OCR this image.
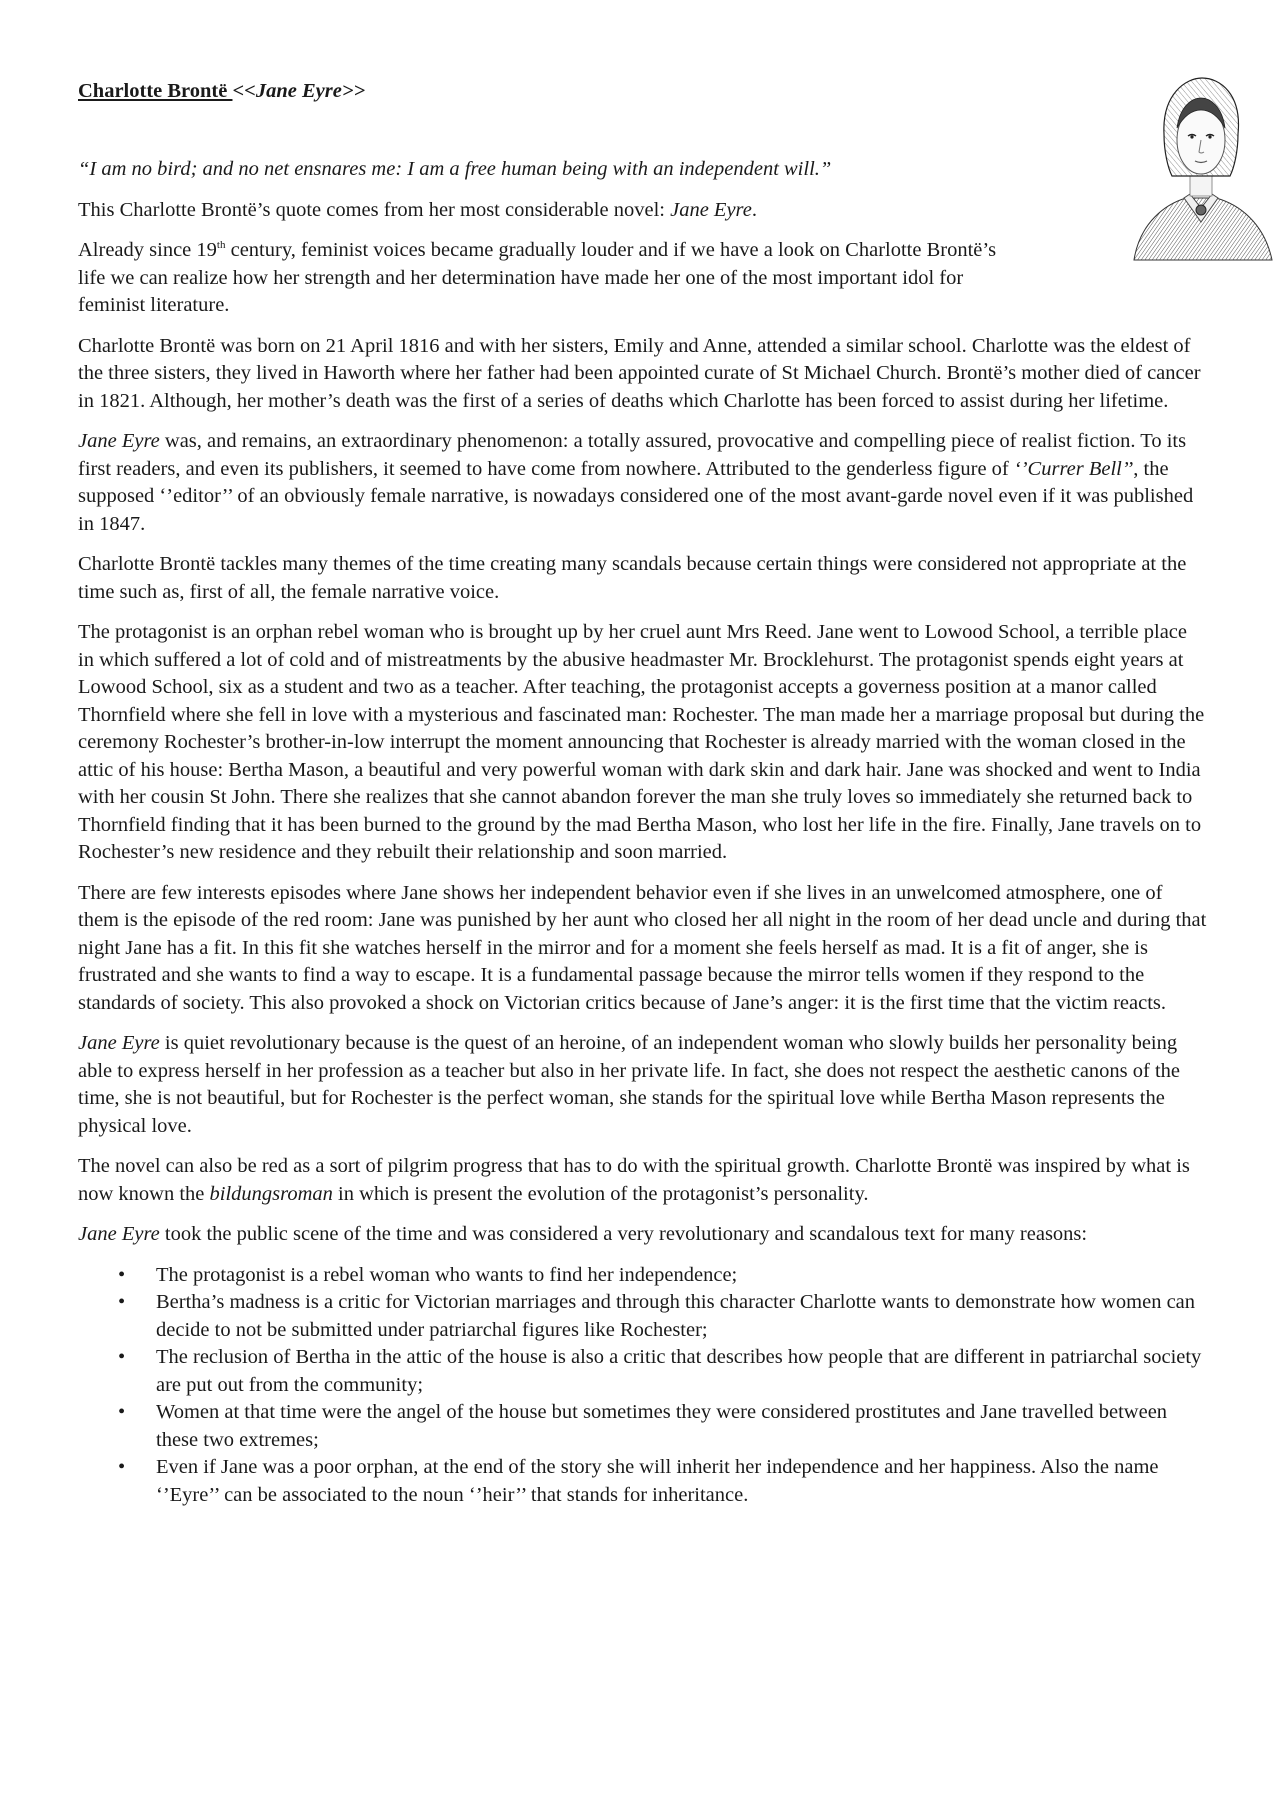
Charlotte Brontë <<Jane Eyre>>

“I am no bird; and no net ensnares me: I am a free human being with an independent will.”

This Charlotte Brontë’s quote comes from her most considerable novel: Jane Eyre.

Already since 19th century, feminist voices became gradually louder and if we have a look on Charlotte Brontë’s life we can realize how her strength and her determination have made her one of the most important idol for feminist literature.

Charlotte Brontë was born on 21 April 1816 and with her sisters, Emily and Anne, attended a similar school. Charlotte was the eldest of the three sisters, they lived in Haworth where her father had been appointed curate of St Michael Church. Brontë’s mother died of cancer in 1821. Although, her mother’s death was the first of a series of deaths which Charlotte has been forced to assist during her lifetime.

Jane Eyre was, and remains, an extraordinary phenomenon: a totally assured, provocative and compelling piece of realist fiction. To its first readers, and even its publishers, it seemed to have come from nowhere. Attributed to the genderless figure of ‘’Currer Bell’’, the supposed ‘’editor’’ of an obviously female narrative, is nowadays considered one of the most avant-garde novel even if it was published in 1847.

Charlotte Brontë tackles many themes of the time creating many scandals because certain things were considered not appropriate at the time such as, first of all, the female narrative voice.

The protagonist is an orphan rebel woman who is brought up by her cruel aunt Mrs Reed. Jane went to Lowood School, a terrible place in which suffered a lot of cold and of mistreatments by the abusive headmaster Mr. Brocklehurst. The protagonist spends eight years at Lowood School, six as a student and two as a teacher. After teaching, the protagonist accepts a governess position at a manor called Thornfield where she fell in love with a mysterious and fascinated man: Rochester. The man made her a marriage proposal but during the ceremony Rochester’s brother-in-low interrupt the moment announcing that Rochester is already married with the woman closed in the attic of his house: Bertha Mason, a beautiful and very powerful woman with dark skin and dark hair. Jane was shocked and went to India with her cousin St John. There she realizes that she cannot abandon forever the man she truly loves so immediately she returned back to Thornfield finding that it has been burned to the ground by the mad Bertha Mason, who lost her life in the fire. Finally, Jane travels on to Rochester’s new residence and they rebuilt their relationship and soon married.

There are few interests episodes where Jane shows her independent behavior even if she lives in an unwelcomed atmosphere, one of them is the episode of the red room: Jane was punished by her aunt who closed her all night in the room of her dead uncle and during that night Jane has a fit. In this fit she watches herself in the mirror and for a moment she feels herself as mad. It is a fit of anger, she is frustrated and she wants to find a way to escape. It is a fundamental passage because the mirror tells women if they respond to the standards of society. This also provoked a shock on Victorian critics because of Jane’s anger: it is the first time that the victim reacts.

Jane Eyre is quiet revolutionary because is the quest of an heroine, of an independent woman who slowly builds her personality being able to express herself in her profession as a teacher but also in her private life. In fact, she does not respect the aesthetic canons of the time, she is not beautiful, but for Rochester is the perfect woman, she stands for the spiritual love while Bertha Mason represents the physical love.

The novel can also be red as a sort of pilgrim progress that has to do with the spiritual growth. Charlotte Brontë was inspired by what is now known the bildungsroman in which is present the evolution of the protagonist’s personality.

Jane Eyre took the public scene of the time and was considered a very revolutionary and scandalous text for many reasons:

• The protagonist is a rebel woman who wants to find her independence;
• Bertha’s madness is a critic for Victorian marriages and through this character Charlotte wants to demonstrate how women can decide to not be submitted under patriarchal figures like Rochester;
• The reclusion of Bertha in the attic of the house is also a critic that describes how people that are different in patriarchal society are put out from the community;
• Women at that time were the angel of the house but sometimes they were considered prostitutes and Jane travelled between these two extremes;
• Even if Jane was a poor orphan, at the end of the story she will inherit her independence and her happiness. Also the name ‘’Eyre’’ can be associated to the noun ‘’heir’’ that stands for inheritance.
